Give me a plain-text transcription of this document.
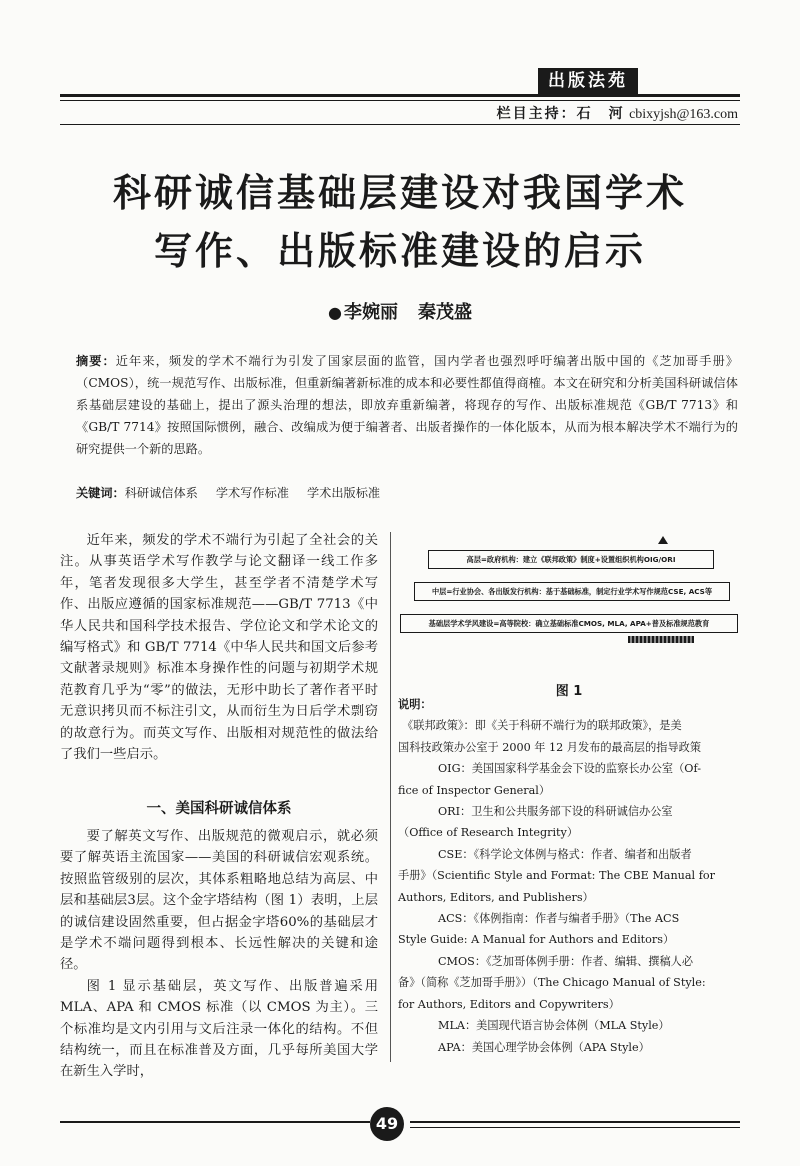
出版法苑
栏目主持：石　河 cbixyjsh@163.com
科研诚信基础层建设对我国学术
写作、出版标准建设的启示
● 李婉丽 秦茂盛
摘要：近年来，频发的学术不端行为引发了国家层面的监管，国内学者也强烈呼吁编著出版中国的《芝加哥手册》（CMOS），统一规范写作、出版标准，但重新编著新标准的成本和必要性都值得商榷。本文在研究和分析美国科研诚信体系基础层建设的基础上，提出了源头治理的想法，即放弃重新编著，将现存的写作、出版标准规范《GB/T 7713》和《GB/T 7714》按照国际惯例，融合、改编成为便于编著者、出版者操作的一体化版本，从而为根本解决学术不端行为的研究提供一个新的思路。
关键词：科研诚信体系 学术写作标准 学术出版标准

近年来，频发的学术不端行为引起了全社会的关注。从事英语学术写作教学与论文翻译一线工作多年，笔者发现很多大学生，甚至学者不清楚学术写作、出版应遵循的国家标准规范——GB/T 7713《中华人民共和国科学技术报告、学位论文和学术论文的编写格式》和 GB/T 7714《中华人民共和国文后参考文献著录规则》标准本身操作性的问题与初期学术规范教育几乎为“零”的做法，无形中助长了著作者平时无意识拷贝而不标注引文，从而衍生为日后学术剽窃的故意行为。而英文写作、出版相对规范性的做法给了我们一些启示。

一、美国科研诚信体系

要了解英文写作、出版规范的微观启示，就必须要了解英语主流国家——美国的科研诚信宏观系统。按照监管级别的层次，其体系粗略地总结为高层、中层和基础层3层。这个金字塔结构（图 1）表明，上层的诚信建设固然重要，但占据金字塔60%的基础层才是学术不端问题得到根本、长远性解决的关键和途径。

图 1 显示基础层，英文写作、出版普遍采用 MLA、APA 和 CMOS 标准（以 CMOS 为主）。三个标准均是文内引用与文后注录一体化的结构。不但结构统一，而且在标准普及方面，几乎每所美国大学在新生入学时，

高层=政府机构：建立《联邦政策》制度+设置组织机构OIG/ORI
中层=行业协会、各出版发行机构：基于基础标准，制定行业学术写作规范CSE, ACS等
基础层学术学风建设=高等院校：确立基础标准CMOS, MLA, APA+普及标准规范教育
图 1
说明：
《联邦政策》：即《关于科研不端行为的联邦政策》，是美
国科技政策办公室于 2000 年 12 月发布的最高层的指导政策
OIG：美国国家科学基金会下设的监察长办公室（Of-
fice of Inspector General）
ORI：卫生和公共服务部下设的科研诚信办公室
（Office of Research Integrity）
CSE：《科学论文体例与格式：作者、编者和出版者
手册》（Scientific Style and Format: The CBE Manual for
Authors, Editors, and Publishers）
ACS：《体例指南：作者与编者手册》（The ACS
Style Guide: A Manual for Authors and Editors）
CMOS：《芝加哥体例手册：作者、编辑、撰稿人必
备》（简称《芝加哥手册》）（The Chicago Manual of Style:
for Authors, Editors and Copywriters）
MLA：美国现代语言协会体例（MLA Style）
APA：美国心理学协会体例（APA Style）
49
